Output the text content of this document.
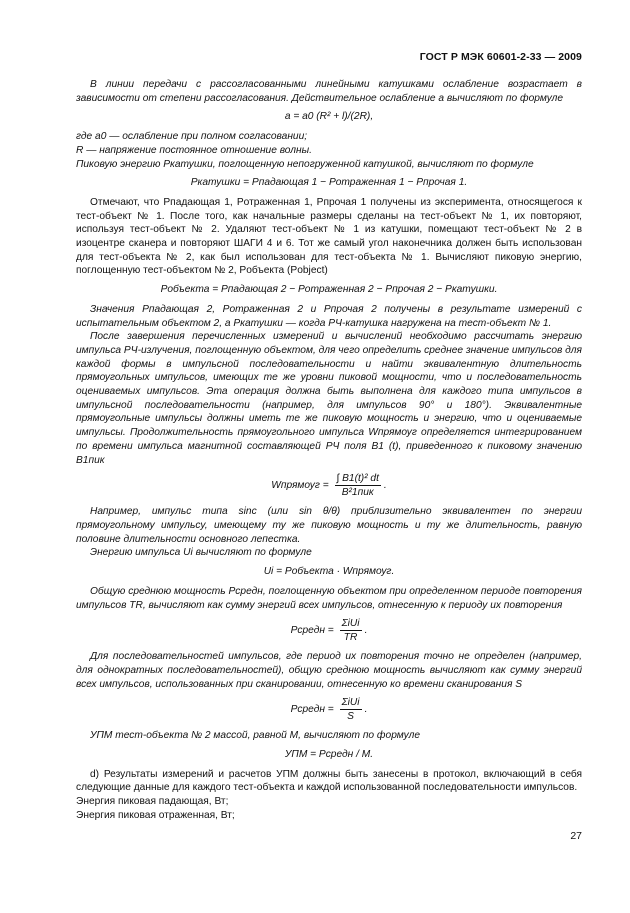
ГОСТ Р МЭК 60601-2-33 — 2009

В линии передачи с рассогласованными линейными катушками ослабление возрастает в зависимости от степени рассогласования. Действительное ослабление a вычисляют по формуле

a = a0 (R² + l)/(2R),

где a0 — ослабление при полном согласовании;

R — напряжение постоянное отношение волны.

Пиковую энергию Pкатушки, поглощенную непогруженной катушкой, вычисляют по формуле

Pкатушки = Pпадающая 1 − Pотраженная 1 − Pпрочая 1.

Отмечают, что Pпадающая 1, Pотраженная 1, Pпрочая 1 получены из эксперимента, относящегося к тест-объект № 1. После того, как начальные размеры сделаны на тест-объект № 1, их повторяют, используя тест-объект № 2. Удаляют тест-объект № 1 из катушки, помещают тест-объект № 2 в изоцентре сканера и повторяют ШАГИ 4 и 6. Тот же самый угол наконечника должен быть использован для тест-объекта № 2, как был использован для тест-объекта № 1. Вычисляют пиковую энергию, поглощенную тест-объектом № 2, Pобъекта (Pobject)

Pобъекта = Pпадающая 2 − Pотраженная 2 − Pпрочая 2 − Pкатушки.

Значения Pпадающая 2, Pотраженная 2 и Pпрочая 2 получены в результате измерений с испытательным объектом 2, а Pкатушки — когда РЧ-катушка нагружена на тест-объект № 1.

После завершения перечисленных измерений и вычислений необходимо рассчитать энергию импульса РЧ-излучения, поглощенную объектом, для чего определить среднее значение импульсов для каждой формы в импульсной последовательности и найти эквивалентную длительность прямоугольных импульсов, имеющих те же уровни пиковой мощности, что и последовательность оцениваемых импульсов. Эта операция должна быть выполнена для каждого типа импульсов в импульсной последовательности (например, для импульсов 90° и 180°). Эквивалентные прямоугольные импульсы должны иметь те же пиковую мощность и энергию, что и оцениваемые импульсы. Продолжительность прямоугольного импульса Wпрямоуг определяется интегрированием по времени импульса магнитной составляющей РЧ поля B1 (t), приведенного к пиковому значению B1пик

Wпрямоуг =
∫ B1(t)² dt
B²1пик
.

Например, импульс типа sinc (или sin θ/θ) приблизительно эквивалентен по энергии прямоугольному импульсу, имеющему ту же пиковую мощность и ту же длительность, равную половине длительности основного лепестка.

Энергию импульса Ui вычисляют по формуле

Ui = Pобъекта · Wпрямоуг.

Общую среднюю мощность Pсредн, поглощенную объектом при определенном периоде повторения импульсов TR, вычисляют как сумму энергий всех импульсов, отнесенную к периоду их повторения

Pсредн =
ΣiUi
TR
.

Для последовательностей импульсов, где период их повторения точно не определен (например, для однократных последовательностей), общую среднюю мощность вычисляют как сумму энергий всех импульсов, использованных при сканировании, отнесенную ко времени сканирования S

Pсредн =
ΣiUi
S
.

УПМ тест-объекта № 2 массой, равной M, вычисляют по формуле

УПМ = Pсредн / M.

d) Результаты измерений и расчетов УПМ должны быть занесены в протокол, включающий в себя следующие данные для каждого тест-объекта и каждой использованной последовательности импульсов.

Энергия пиковая падающая, Вт;

Энергия пиковая отраженная, Вт;

27
